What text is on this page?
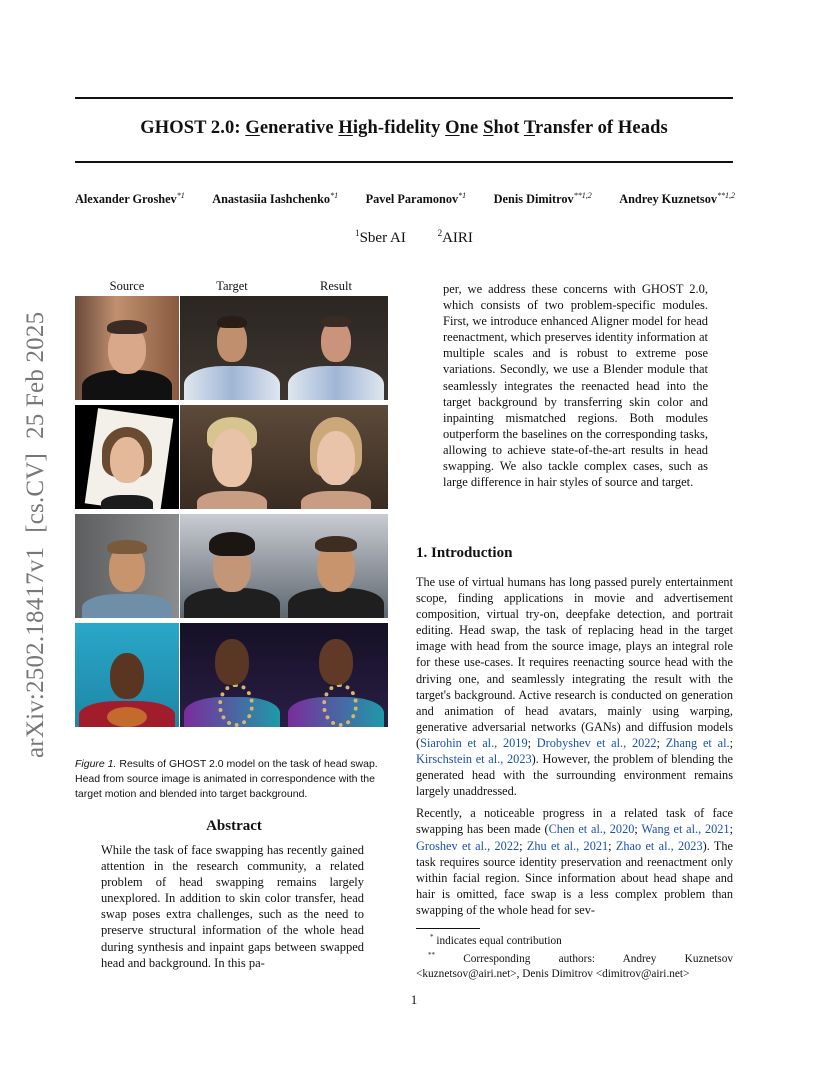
GHOST 2.0: Generative High-fidelity One Shot Transfer of Heads
Alexander Groshev$^{*1}$ Anastasiia Iashchenko$^{*1}$ Pavel Paramonov$^{*1}$ Denis Dimitrov$^{**1,2}$ Andrey Kuznetsov$^{**1,2}$
$^1$Sber AI	$^2$AIRI
arXiv:2502.18417v1[cs.CV]25 Feb 2025
Source	Target	Result
Figure 1. Results of GHOST 2.0 model on the task of head swap. Head from source image is animated in correspondence with the target motion and blended into target background.
Abstract
While the task of face swapping has recently gained attention in the research community, a related problem of head swapping remains largely unexplored. In addition to skin color transfer, head swap poses extra challenges, such as the need to preserve structural information of the whole head during synthesis and inpaint gaps between swapped head and background. In this pa-
per, we address these concerns with GHOST 2.0, which consists of two problem-specific modules. First, we introduce enhanced Aligner model for head reenactment, which preserves identity information at multiple scales and is robust to extreme pose variations. Secondly, we use a Blender module that seamlessly integrates the reenacted head into the target background by transferring skin color and inpainting mismatched regions. Both modules outperform the baselines on the corresponding tasks, allowing to achieve state-of-the-art results in head swapping. We also tackle complex cases, such as large difference in hair styles of source and target.
1. Introduction

The use of virtual humans has long passed purely entertainment scope, finding applications in movie and advertisement composition, virtual try-on, deepfake detection, and portrait editing. Head swap, the task of replacing head in the target image with head from the source image, plays an integral role for these use-cases. It requires reenacting source head with the driving one, and seamlessly integrating the result with the target's background. Active research is conducted on generation and animation of head avatars, mainly using warping, generative adversarial networks (GANs) and diffusion models (Siarohin et al., 2019; Drobyshev et al., 2022; Zhang et al.; Kirschstein et al., 2023). However, the problem of blending the generated head with the surrounding environment remains largely unaddressed.

Recently, a noticeable progress in a related task of face swapping has been made (Chen et al., 2020; Wang et al., 2021; Groshev et al., 2022; Zhu et al., 2021; Zhao et al., 2023). The task requires source identity preservation and reenactment only within facial region. Since information about head shape and hair is omitted, face swap is a less complex problem than swapping of the whole head for sev-

* indicates equal contribution
** Corresponding authors: Andrey Kuznetsov <kuznetsov@airi.net>, Denis Dimitrov <dimitrov@airi.net>
1
